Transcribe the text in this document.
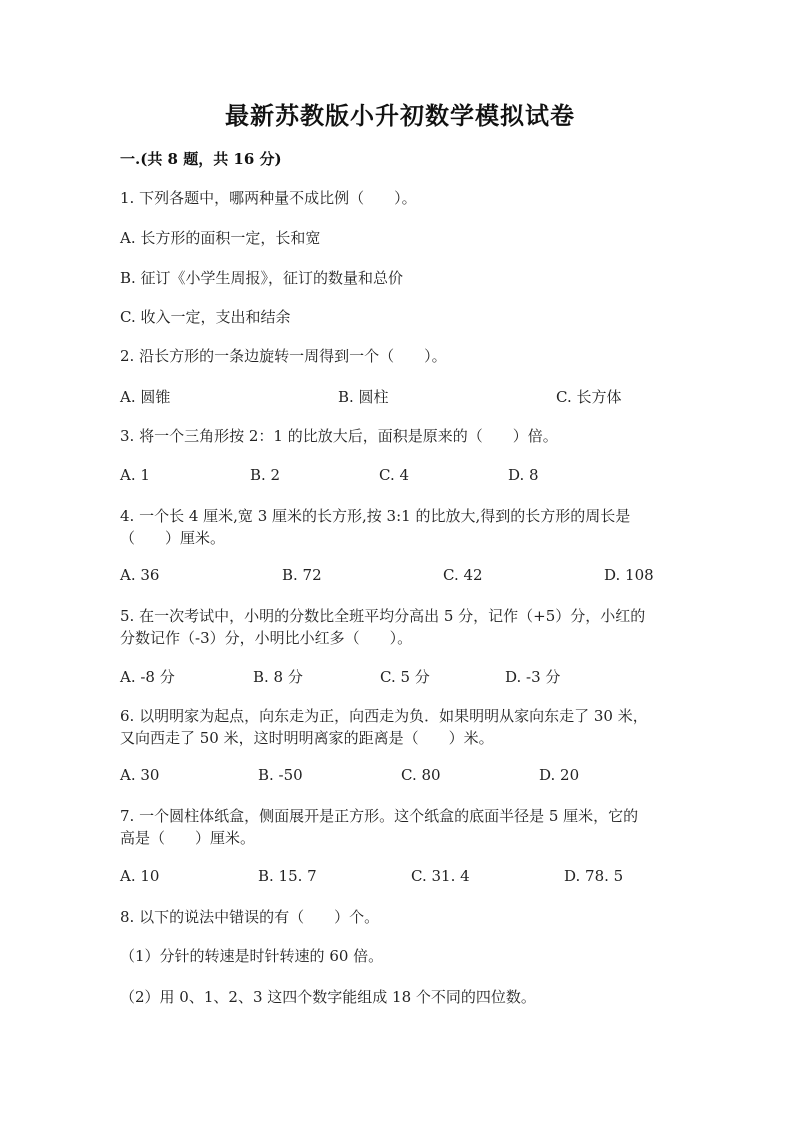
最新苏教版小升初数学模拟试卷
一.(共 8 题，共 16 分)
1. 下列各题中，哪两种量不成比例（　　）。
A. 长方形的面积一定，长和宽
B. 征订《小学生周报》，征订的数量和总价
C. 收入一定，支出和结余
2. 沿长方形的一条边旋转一周得到一个（　　）。
A. 圆锥	B. 圆柱	C. 长方体
3. 将一个三角形按 2：1 的比放大后，面积是原来的（　　）倍。
A. 1	B. 2	C. 4	D. 8
4. 一个长 4 厘米,宽 3 厘米的长方形,按 3:1 的比放大,得到的长方形的周长是
（　　）厘米。
A. 36	B. 72	C. 42	D. 108
5. 在一次考试中，小明的分数比全班平均分高出 5 分，记作（+5）分，小红的
分数记作（-3）分，小明比小红多（　　）。
A. -8 分	B. 8 分	C. 5 分	D. -3 分
6. 以明明家为起点，向东走为正，向西走为负．如果明明从家向东走了 30 米，
又向西走了 50 米，这时明明离家的距离是（　　）米。
A. 30	B. -50	C. 80	D. 20
7. 一个圆柱体纸盒，侧面展开是正方形。这个纸盒的底面半径是 5 厘米，它的
高是（　　）厘米。
A. 10	B. 15. 7	C. 31. 4	D. 78. 5
8. 以下的说法中错误的有（　　）个。
（1）分针的转速是时针转速的 60 倍。
（2）用 0、1、2、3 这四个数字能组成 18 个不同的四位数。
